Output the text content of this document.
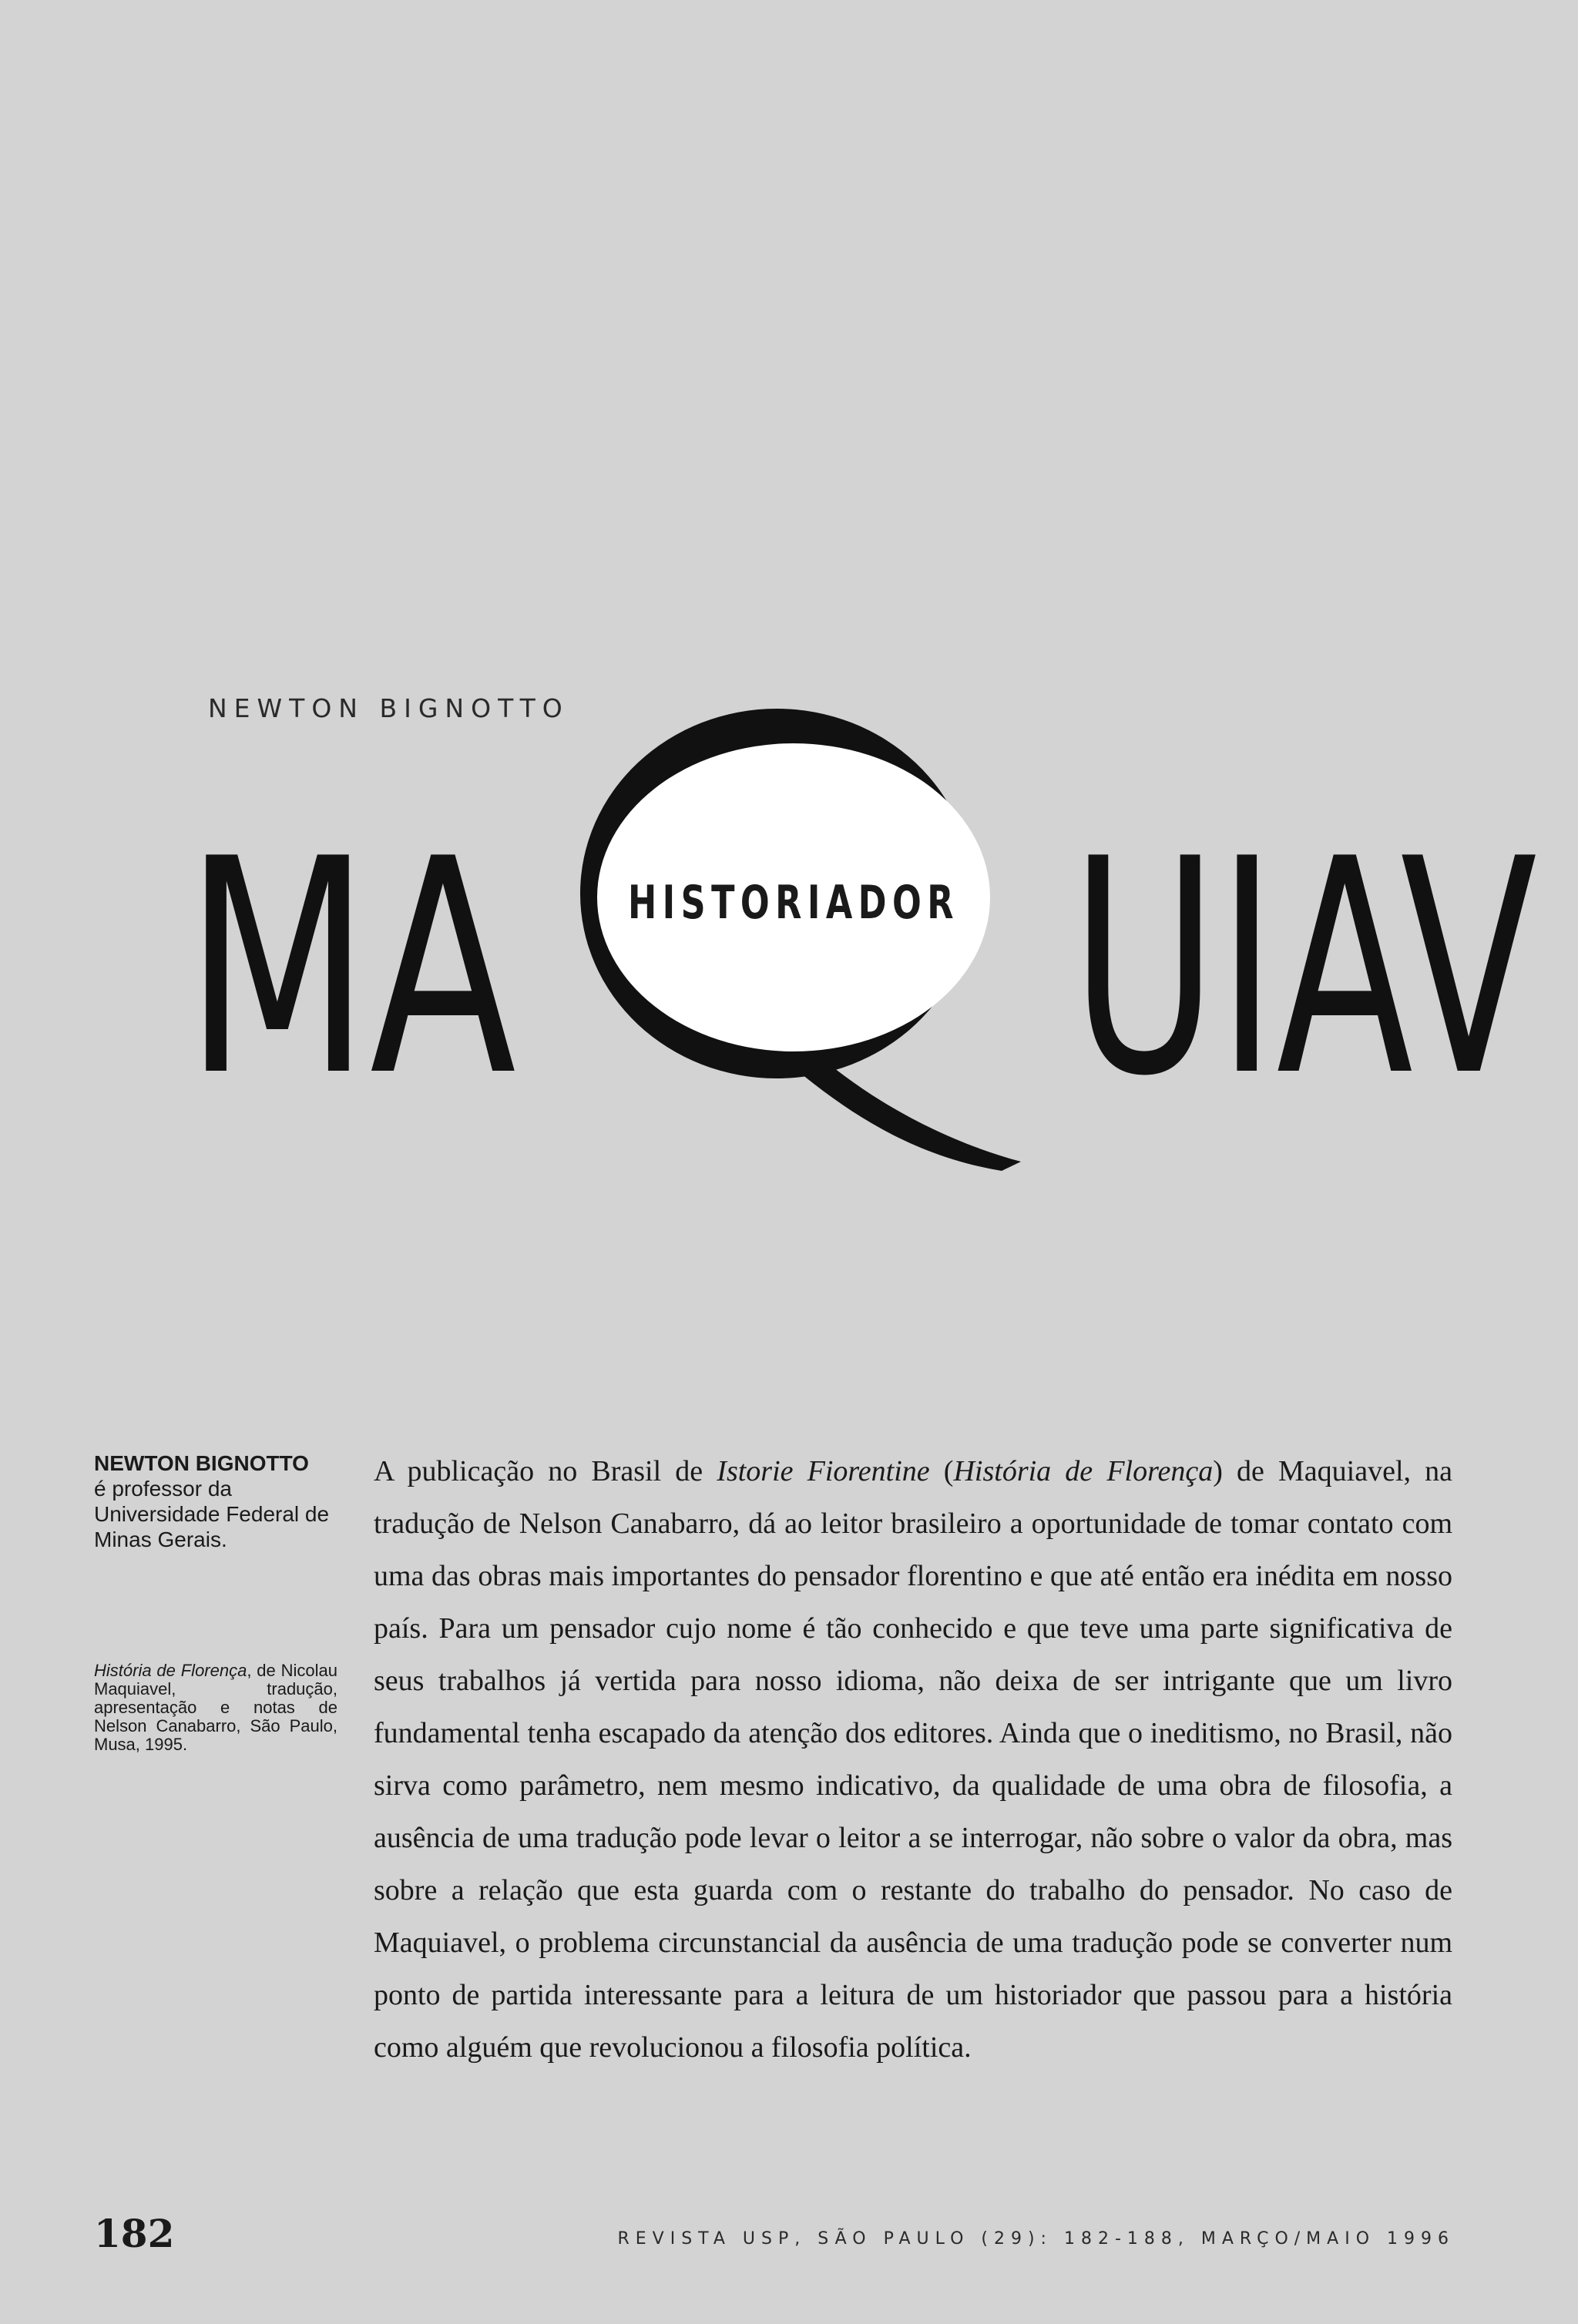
NEWTON BIGNOTTO
MA HISTORIADOR UIAV
NEWTON BIGNOTTO
é professor da Universidade Federal de Minas Gerais.
História de Florença, de Nicolau Maquiavel, tradução, apresentação e notas de Nelson Canabarro, São Paulo, Musa, 1995.

A publicação no Brasil de Istorie Fiorentine (História de Florença) de Maquiavel, na tradução de Nelson Canabarro, dá ao leitor brasileiro a oportunidade de tomar contato com uma das obras mais importantes do pensador florentino e que até então era inédita em nosso país. Para um pensador cujo nome é tão conhecido e que teve uma parte significativa de seus trabalhos já vertida para nosso idioma, não deixa de ser intrigante que um livro fundamental tenha escapado da atenção dos editores. Ainda que o ineditismo, no Brasil, não sirva como parâmetro, nem mesmo indicativo, da qualidade de uma obra de filosofia, a ausência de uma tradução pode levar o leitor a se interrogar, não sobre o valor da obra, mas sobre a relação que esta guarda com o restante do trabalho do pensador. No caso de Maquiavel, o problema circunstancial da ausência de uma tradução pode se converter num ponto de partida interessante para a leitura de um historiador que passou para a história como alguém que revolucionou a filosofia política.

182	REVISTA USP, SÃO PAULO (29): 182-188, MARÇO/MAIO 1996
